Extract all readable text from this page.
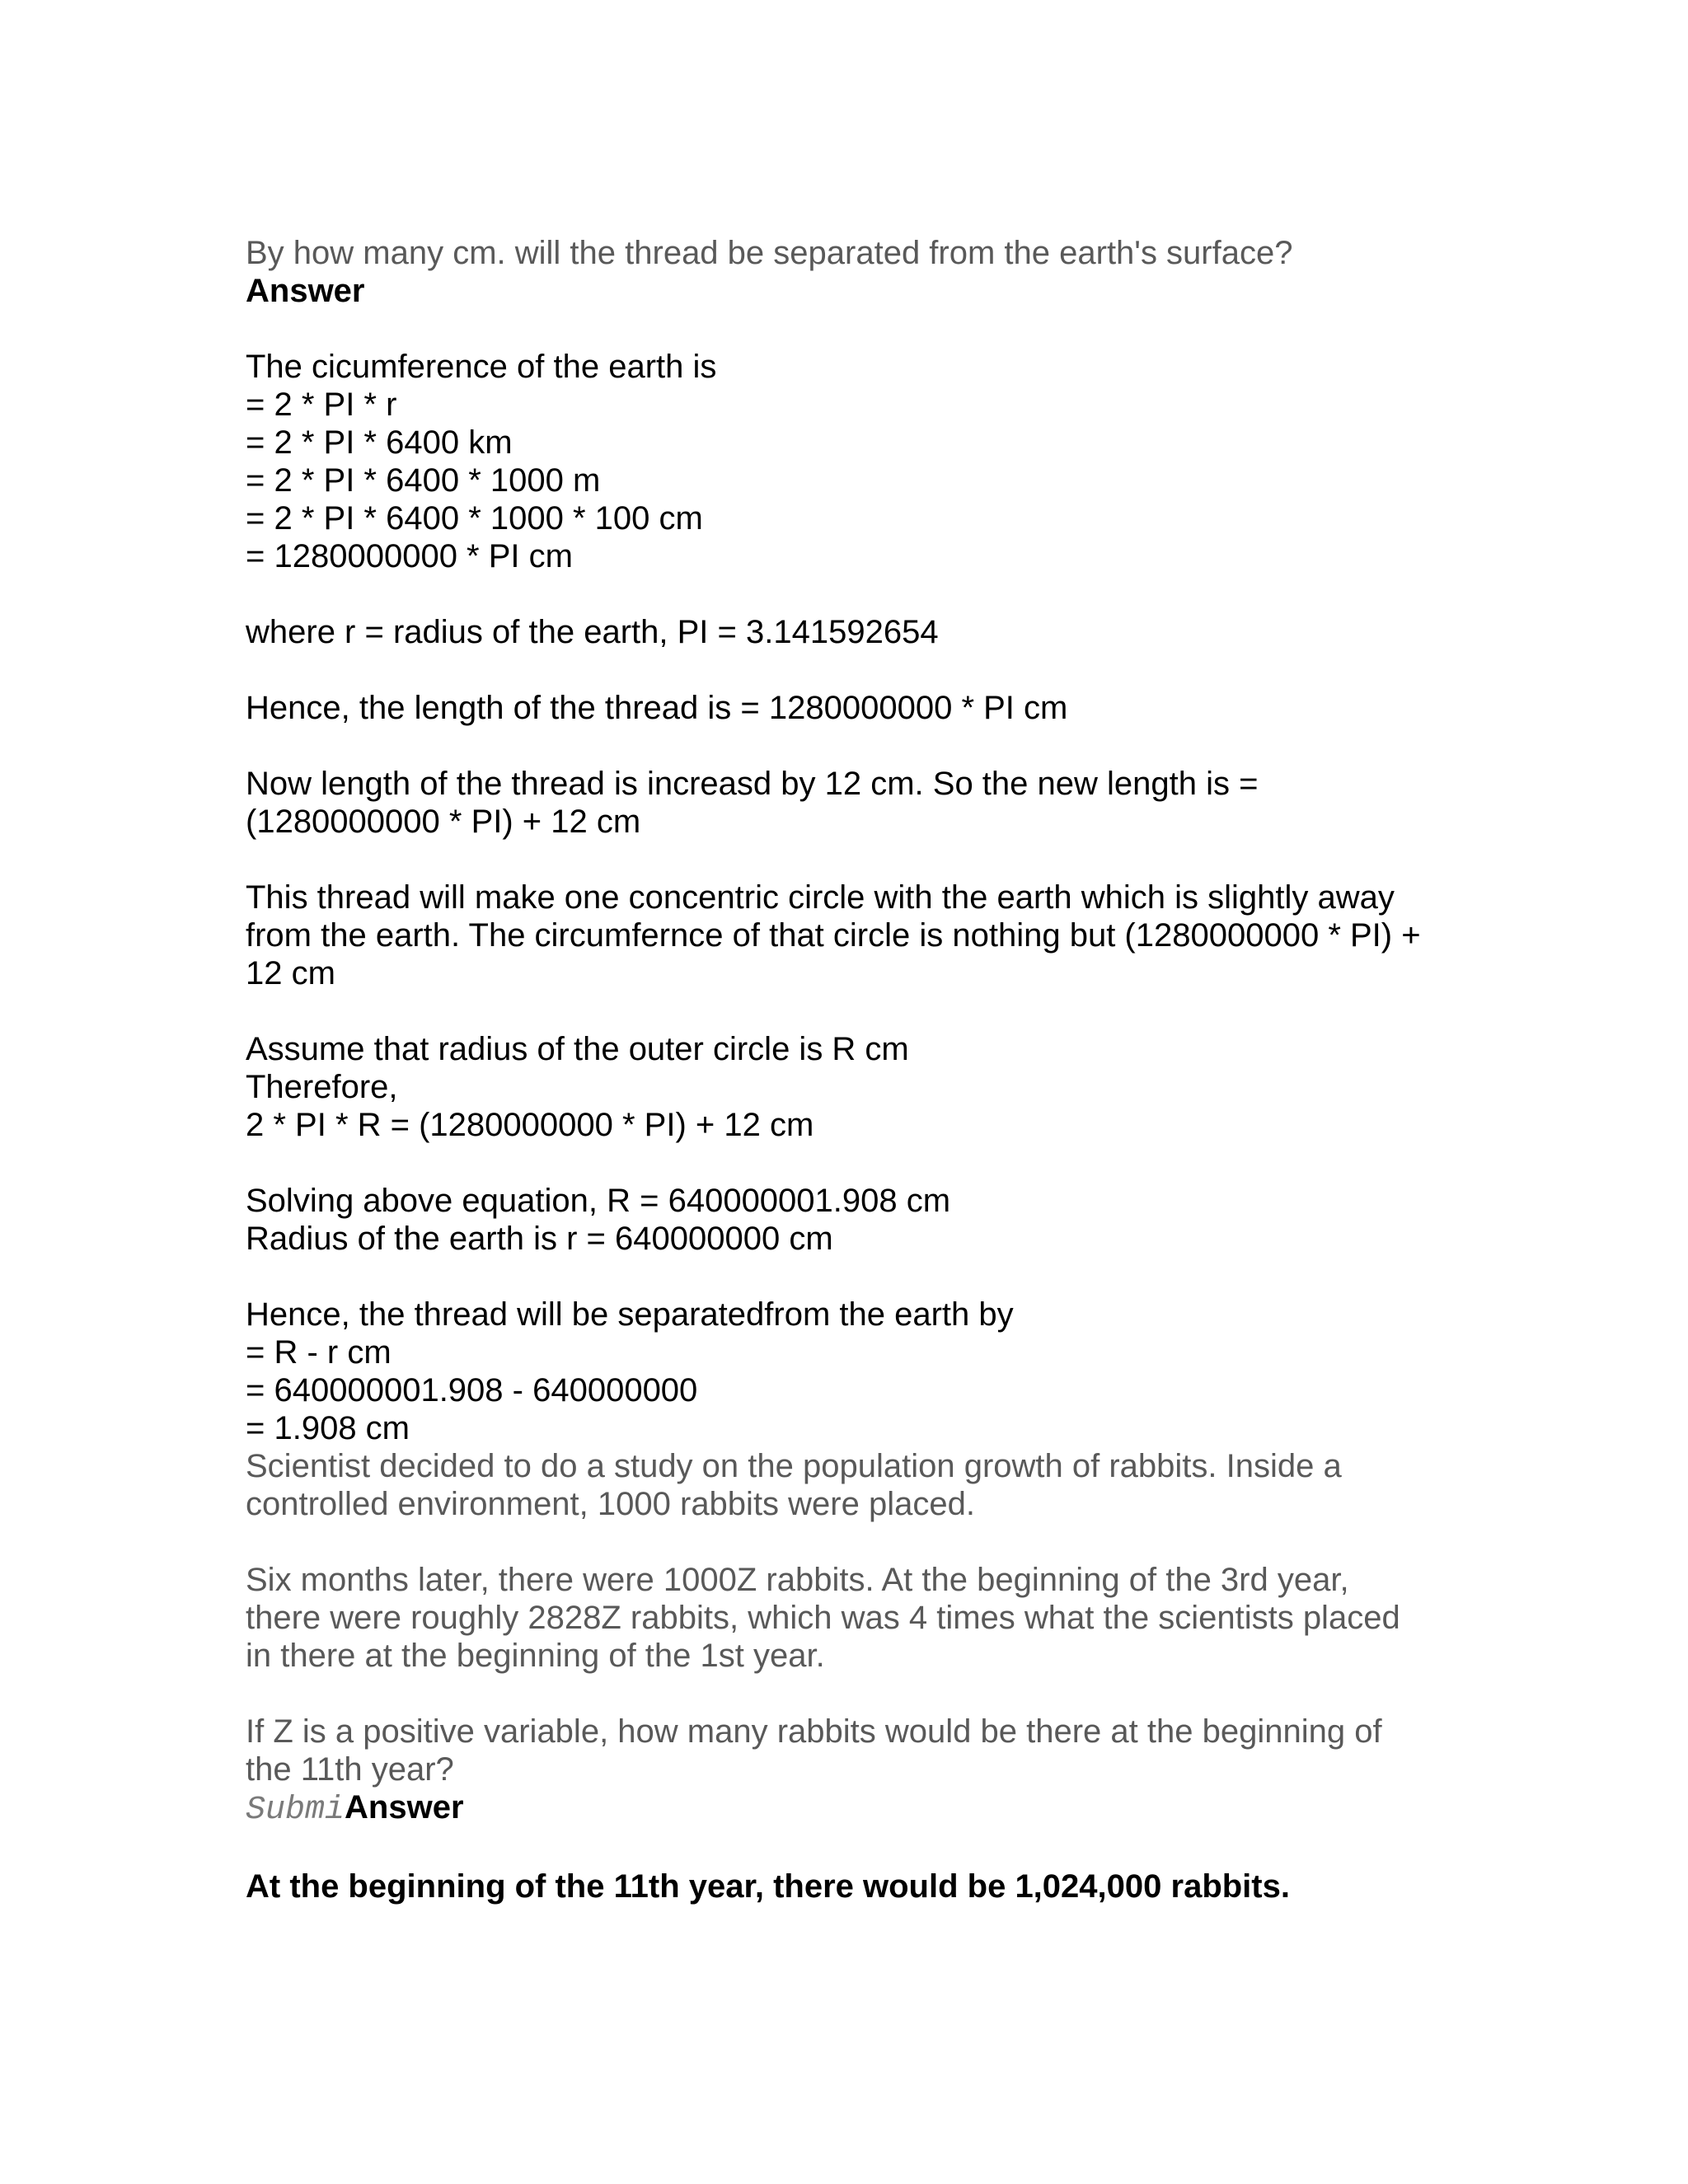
By how many cm. will the thread be separated from the earth's surface?
Answer
The cicumference of the earth is
= 2 * PI * r
= 2 * PI * 6400 km
= 2 * PI * 6400 * 1000 m
= 2 * PI * 6400 * 1000 * 100 cm
= 1280000000 * PI cm
where r = radius of the earth, PI = 3.141592654
Hence, the length of the thread is = 1280000000 * PI cm
Now length of the thread is increasd by 12 cm. So the new length is =
(1280000000 * PI) + 12 cm
This thread will make one concentric circle with the earth which is slightly away
from the earth. The circumfernce of that circle is nothing but (1280000000 * PI) +
12 cm
Assume that radius of the outer circle is R cm
Therefore,
2 * PI * R = (1280000000 * PI) + 12 cm
Solving above equation, R = 640000001.908 cm
Radius of the earth is r = 640000000 cm
Hence, the thread will be separatedfrom the earth by
= R - r cm
= 640000001.908 - 640000000
= 1.908 cm
Scientist decided to do a study on the population growth of rabbits. Inside a
controlled environment, 1000 rabbits were placed.
Six months later, there were 1000Z rabbits. At the beginning of the 3rd year,
there were roughly 2828Z rabbits, which was 4 times what the scientists placed
in there at the beginning of the 1st year.
If Z is a positive variable, how many rabbits would be there at the beginning of
the 11th year?
SubmiAnswer
At the beginning of the 11th year, there would be 1,024,000 rabbits.
